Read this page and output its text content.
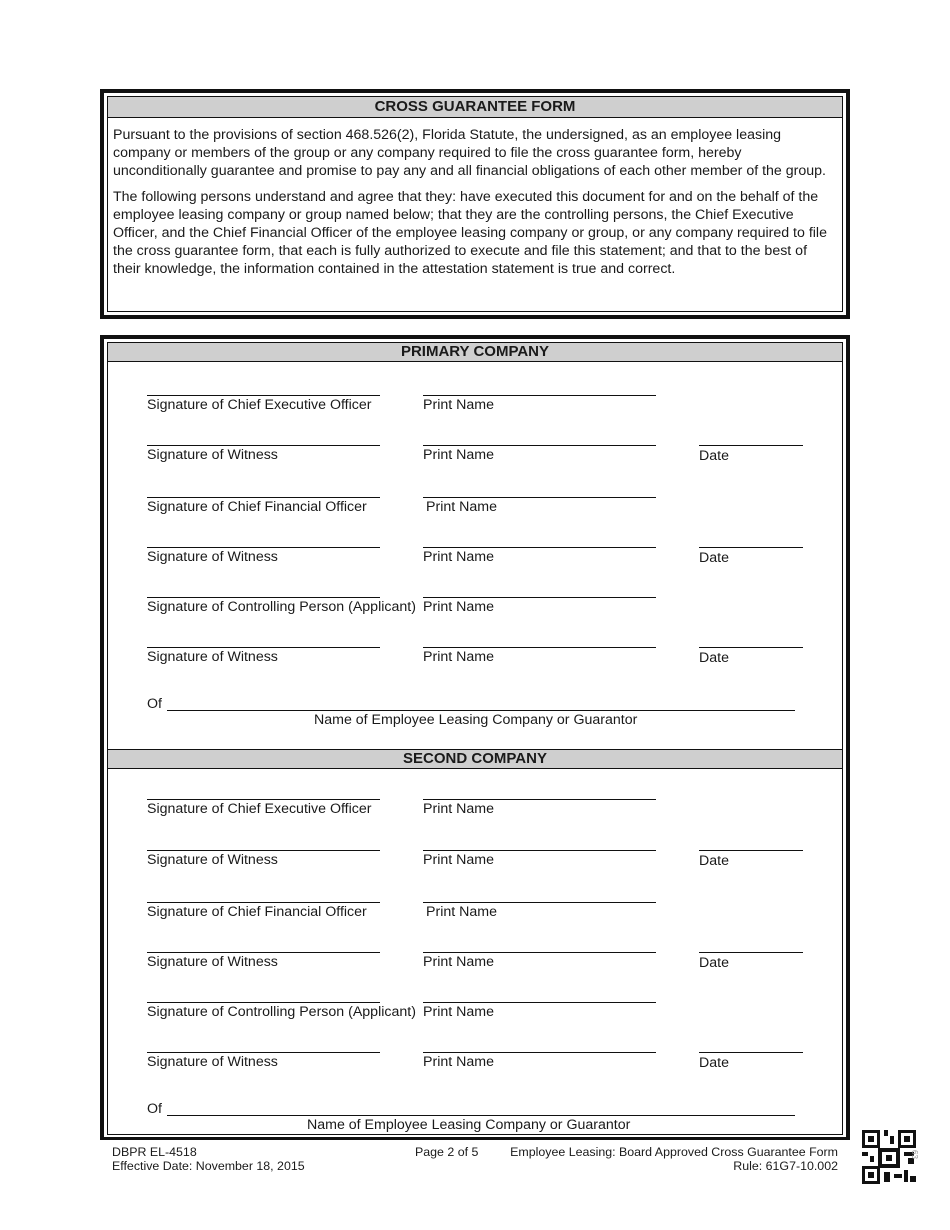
CROSS GUARANTEE FORM

Pursuant to the provisions of section 468.526(2), Florida Statute, the undersigned, as an employee leasing company or members of the group or any company required to file the cross guarantee form, hereby unconditionally guarantee and promise to pay any and all financial obligations of each other member of the group.

The following persons understand and agree that they: have executed this document for and on the behalf of the employee leasing company or group named below; that they are the controlling persons, the Chief Executive Officer, and the Chief Financial Officer of the employee leasing company or group, or any company required to file the cross guarantee form, that each is fully authorized to execute and file this statement; and that to the best of their knowledge, the information contained in the attestation statement is true and correct.

PRIMARY COMPANY
SECOND COMPANY
Signature of Chief Executive Officer	Print Name
Signature of Witness	Print Name	Date
Signature of Chief Financial Officer	Print Name
Signature of Witness	Print Name	Date
Signature of Controlling Person (Applicant) Print Name
Signature of Witness	Print Name	Date
Of
Name of Employee Leasing Company or Guarantor
Signature of Chief Executive Officer	Print Name
Signature of Witness	Print Name	Date
Signature of Chief Financial Officer	Print Name
Signature of Witness	Print Name	Date
Signature of Controlling Person (Applicant) Print Name
Signature of Witness	Print Name	Date
Of
Name of Employee Leasing Company or Guarantor
DBPR EL-4518
Effective Date: November 18, 2015
Page 2 of 5	Employee Leasing: Board Approved Cross Guarantee Form
Rule: 61G7-10.002
63
